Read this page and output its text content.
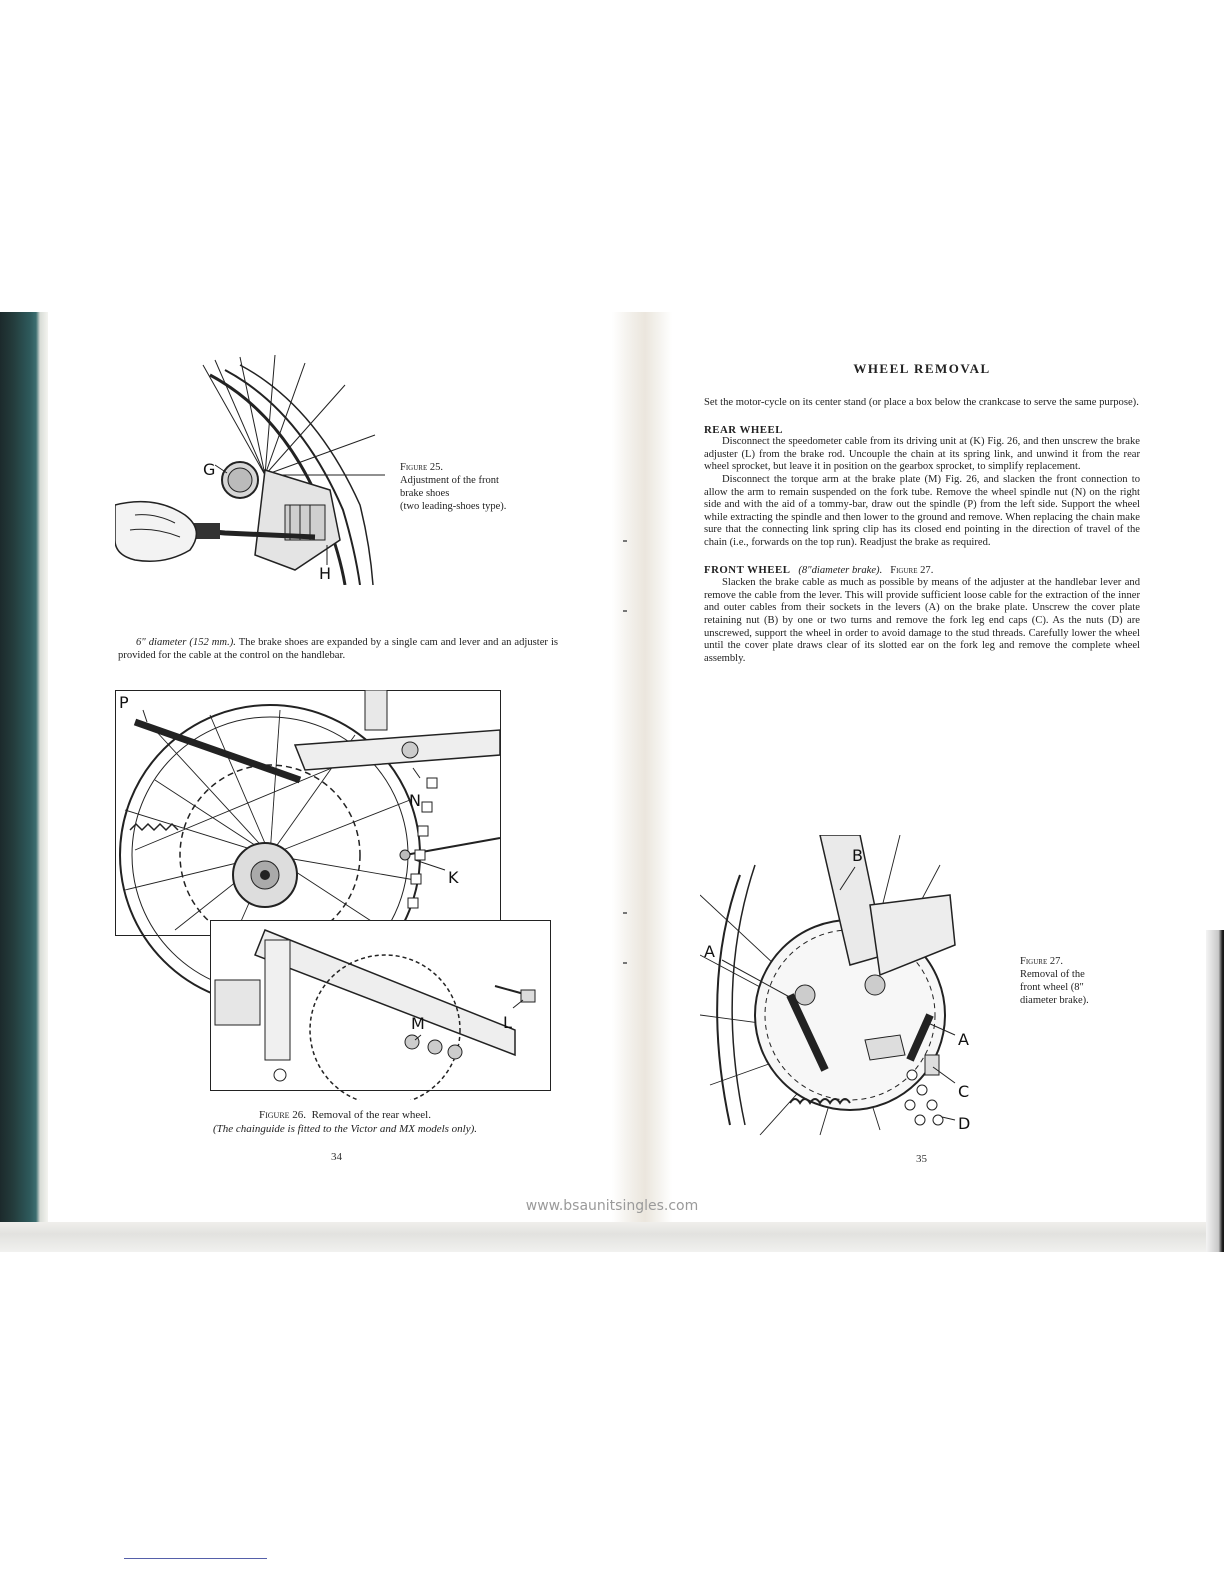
G
H
Figure 25.
Adjustment of the front
brake shoes
(two leading-shoes type).

6" diameter (152 mm.). The brake shoes are expanded by a single cam and lever and an adjuster is provided for the cable at the control on the handlebar.

P
N
K
M	L
Figure 26. Removal of the rear wheel.
(The chainguide is fitted to the Victor and MX models only).
34
WHEEL REMOVAL

Set the motor-cycle on its center stand (or place a box below the crankcase to serve the same purpose).

REAR WHEEL

Disconnect the speedometer cable from its driving unit at (K) Fig. 26, and then unscrew the brake adjuster (L) from the brake rod. Uncouple the chain at its spring link, and unwind it from the rear wheel sprocket, but leave it in position on the gearbox sprocket, to simplify replacement.

Disconnect the torque arm at the brake plate (M) Fig. 26, and slacken the front connection to allow the arm to remain suspended on the fork tube. Remove the wheel spindle nut (N) on the right side and with the aid of a tommy-bar, draw out the spindle (P) from the left side. Support the wheel while extracting the spindle and then lower to the ground and remove. When replacing the chain make sure that the connecting link spring clip has its closed end pointing in the direction of travel of the chain (i.e., forwards on the top run). Readjust the brake as required.

FRONT WHEEL (8"diameter brake). Figure 27.

Slacken the brake cable as much as possible by means of the adjuster at the handlebar lever and remove the cable from the lever. This will provide sufficient loose cable for the extraction of the inner and outer cables from their sockets in the levers (A) on the brake plate. Unscrew the cover plate retaining nut (B) by one or two turns and remove the fork leg end caps (C). As the nuts (D) are unscrewed, support the wheel in order to avoid damage to the stud threads. Carefully lower the wheel until the cover plate draws clear of its slotted ear on the fork leg and remove the complete wheel assembly.

B
A
A
C
D
Figure 27.
Removal of the
front wheel (8"
diameter brake).
35
www.bsaunitsingles.com
